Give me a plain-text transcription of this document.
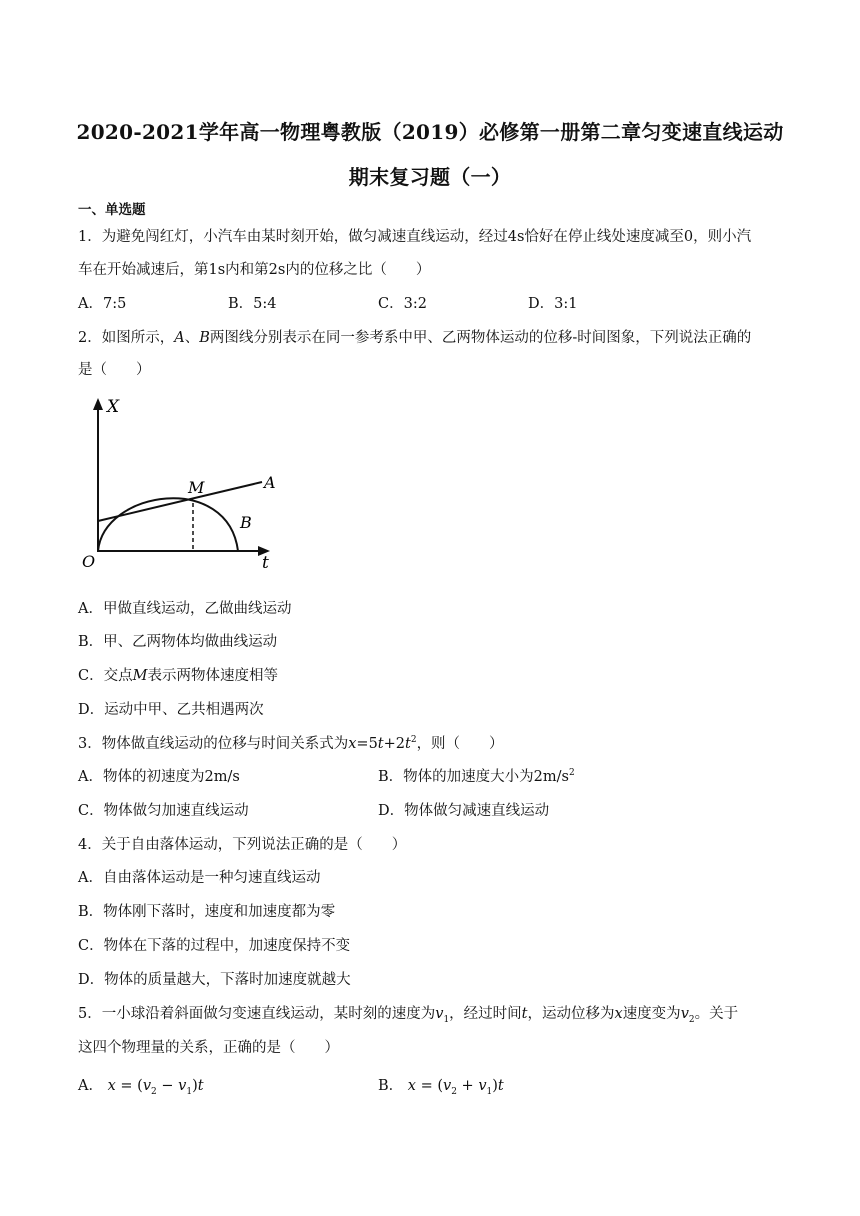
2020-2021学年高一物理粤教版（2019）必修第一册第二章匀变速直线运动
期末复习题（一）
一、单选题
1．为避免闯红灯，小汽车由某时刻开始，做匀减速直线运动，经过4s恰好在停止线处速度减至0，则小汽
车在开始减速后，第1s内和第2s内的位移之比（　　）
A．7:5	B．5:4	C．3:2	D．3:1
2．如图所示，A、B两图线分别表示在同一参考系中甲、乙两物体运动的位移-时间图象，下列说法正确的
是（　　）
X
t
O
M	A
B
A．甲做直线运动，乙做曲线运动
B．甲、乙两物体均做曲线运动
C．交点M表示两物体速度相等
D．运动中甲、乙共相遇两次
3．物体做直线运动的位移与时间关系式为$x=5t+2t^2$，则（　　）
A．物体的初速度为2m/s	B．物体的加速度大小为$2m/s^2$
C．物体做匀加速直线运动	D．物体做匀减速直线运动
4．关于自由落体运动，下列说法正确的是（　　）
A．自由落体运动是一种匀速直线运动
B．物体刚下落时，速度和加速度都为零
C．物体在下落的过程中，加速度保持不变
D．物体的质量越大，下落时加速度就越大
5．一小球沿着斜面做匀变速直线运动，某时刻的速度为$v_1$，经过时间t，运动位移为x速度变为$v_2$。关于
这四个物理量的关系，正确的是（　　）
A． $x = (v_2 - v_1)t$	B． $x = (v_2 + v_1)t$
